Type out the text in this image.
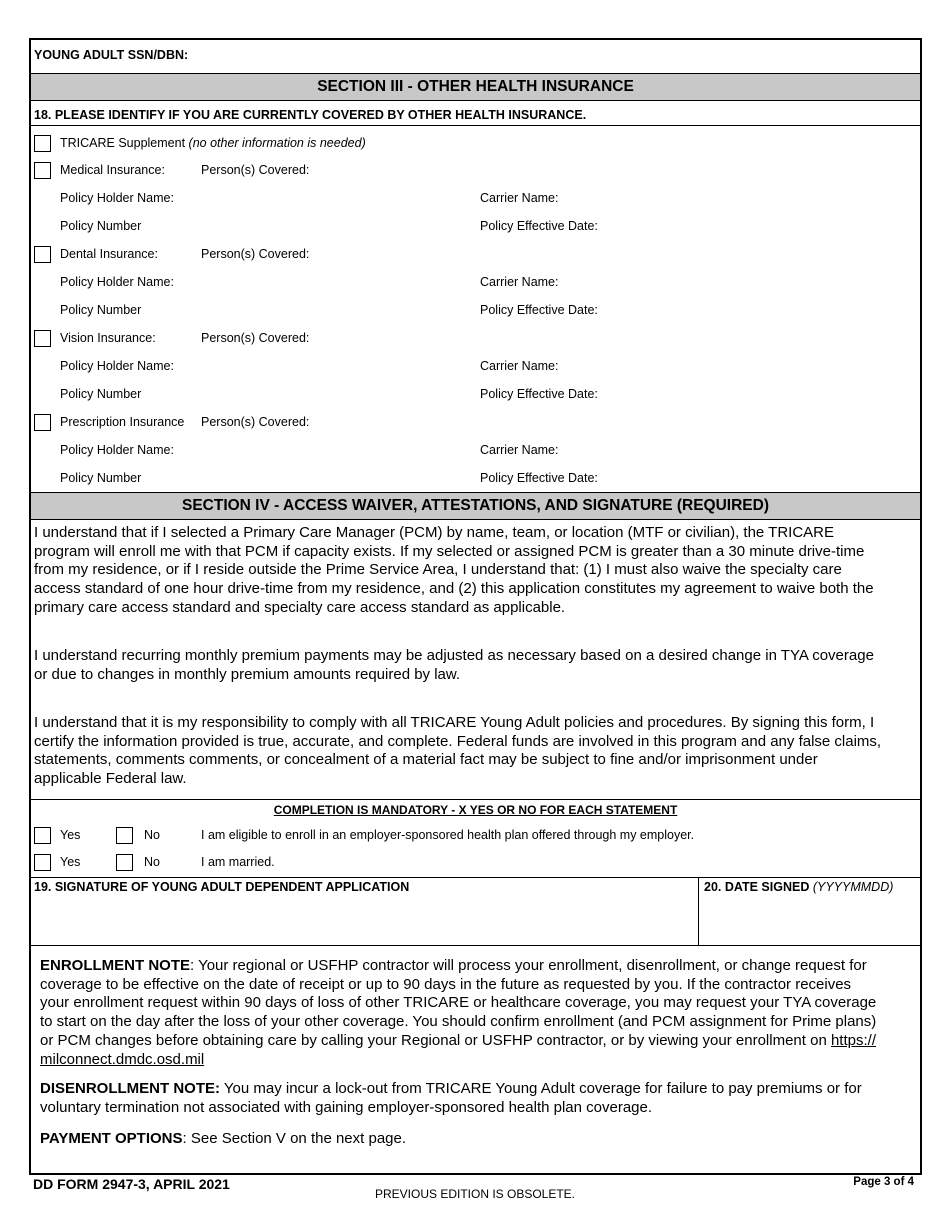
YOUNG ADULT SSN/DBN:
SECTION III - OTHER HEALTH INSURANCE
18. PLEASE IDENTIFY IF YOU ARE CURRENTLY COVERED BY OTHER HEALTH INSURANCE.
TRICARE Supplement (no other information is needed)
Medical Insurance:	Person(s) Covered:
Policy Holder Name:	Carrier Name:
Policy Number	Policy Effective Date:
Dental Insurance:	Person(s) Covered:
Policy Holder Name:	Carrier Name:
Policy Number	Policy Effective Date:
Vision Insurance:	Person(s) Covered:
Policy Holder Name:	Carrier Name:
Policy Number	Policy Effective Date:
Prescription Insurance Person(s) Covered:
Policy Holder Name:	Carrier Name:
Policy Number	Policy Effective Date:
SECTION IV - ACCESS WAIVER, ATTESTATIONS, AND SIGNATURE (REQUIRED)
I understand that if I selected a Primary Care Manager (PCM) by name, team, or location (MTF or civilian), the TRICARE
program will enroll me with that PCM if capacity exists. If my selected or assigned PCM is greater than a 30 minute drive-time
from my residence, or if I reside outside the Prime Service Area, I understand that: (1) I must also waive the specialty care
access standard of one hour drive-time from my residence, and (2) this application constitutes my agreement to waive both the
primary care access standard and specialty care access standard as applicable.
I understand recurring monthly premium payments may be adjusted as necessary based on a desired change in TYA coverage
or due to changes in monthly premium amounts required by law.
I understand that it is my responsibility to comply with all TRICARE Young Adult policies and procedures. By signing this form, I
certify the information provided is true, accurate, and complete. Federal funds are involved in this program and any false claims,
statements, comments comments, or concealment of a material fact may be subject to fine and/or imprisonment under
applicable Federal law.
COMPLETION IS MANDATORY - X YES OR NO FOR EACH STATEMENT
Yes	No	I am eligible to enroll in an employer-sponsored health plan offered through my employer.
Yes	No	I am married.
19. SIGNATURE OF YOUNG ADULT DEPENDENT APPLICATION	20. DATE SIGNED (YYYYMMDD)
ENROLLMENT NOTE: Your regional or USFHP contractor will process your enrollment, disenrollment, or change request for
coverage to be effective on the date of receipt or up to 90 days in the future as requested by you. If the contractor receives
your enrollment request within 90 days of loss of other TRICARE or healthcare coverage, you may request your TYA coverage
to start on the day after the loss of your other coverage. You should confirm enrollment (and PCM assignment for Prime plans)
or PCM changes before obtaining care by calling your Regional or USFHP contractor, or by viewing your enrollment on https://
milconnect.dmdc.osd.mil
DISENROLLMENT NOTE: You may incur a lock-out from TRICARE Young Adult coverage for failure to pay premiums or for
voluntary termination not associated with gaining employer-sponsored health plan coverage.
PAYMENT OPTIONS: See Section V on the next page.
DD FORM 2947-3, APRIL 2021
PREVIOUS EDITION IS OBSOLETE.
Page 3 of 4
